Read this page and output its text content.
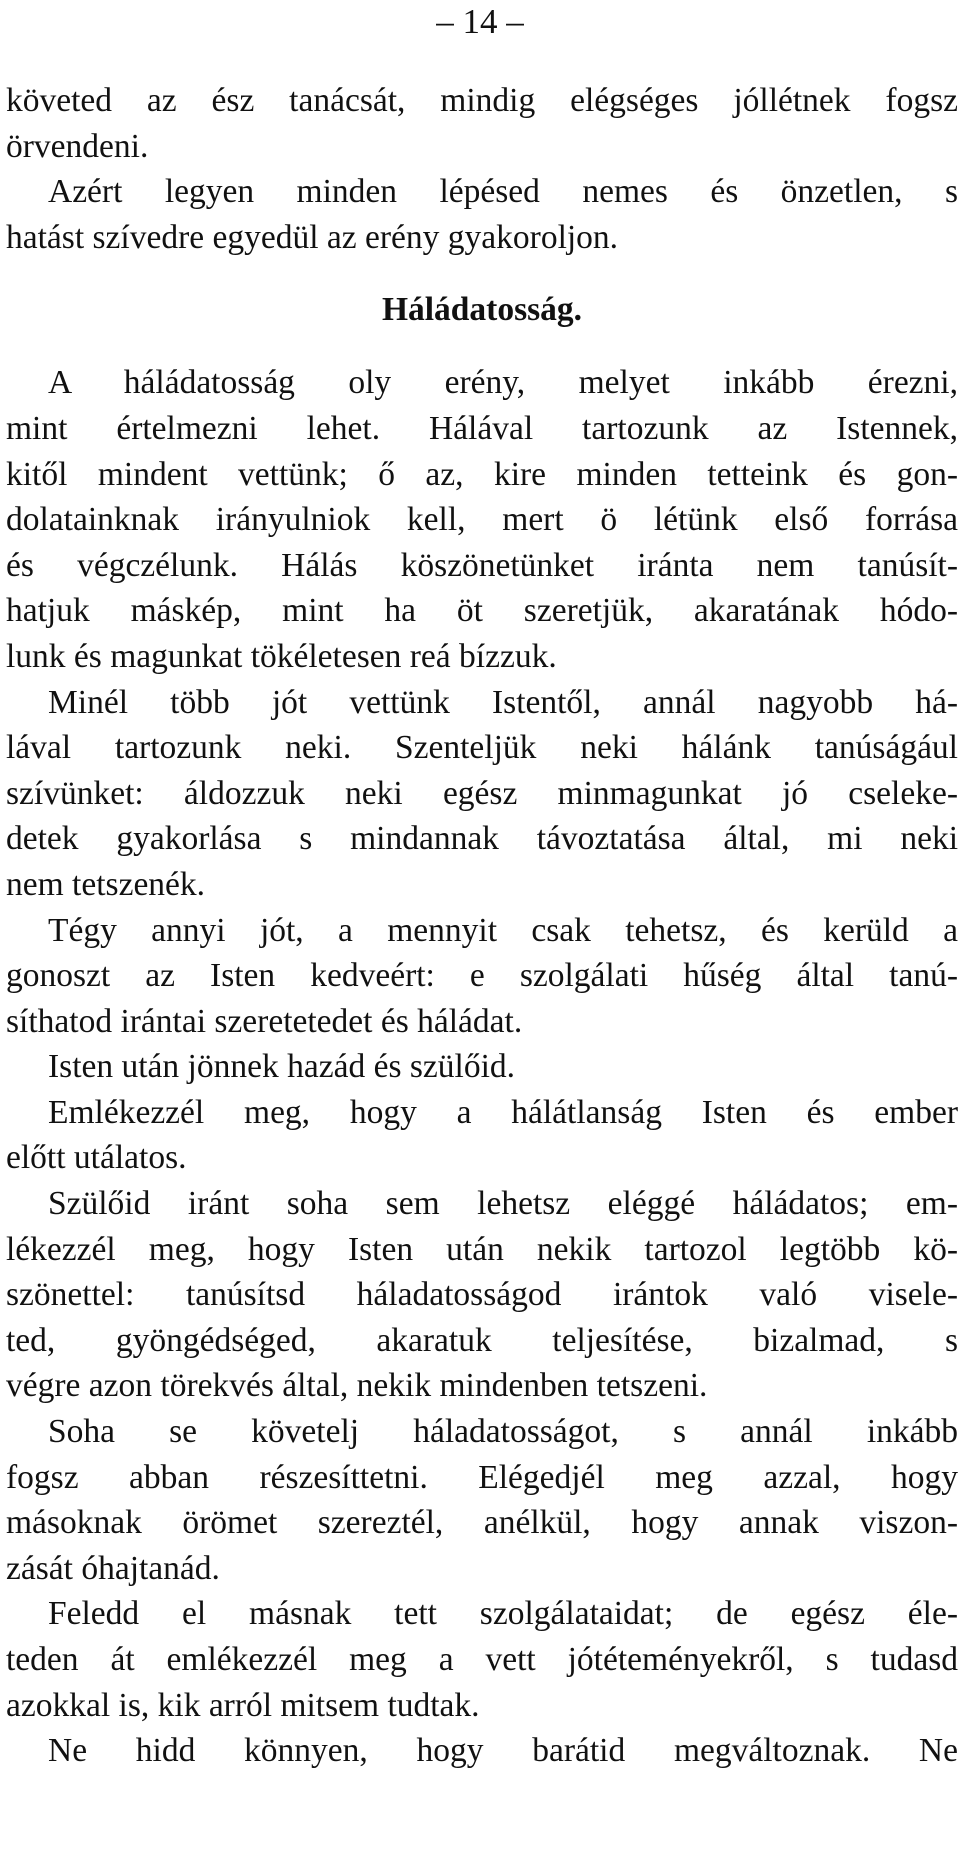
– 14 –
követed az ész tanácsát, mindig elégséges jóllétnek fogsz
örvendeni.
Azért legyen minden lépésed nemes és önzetlen, s
hatást szívedre egyedül az erény gyakoroljon.
Háládatosság.
A háládatosság oly erény, melyet inkább érezni,
mint értelmezni lehet. Hálával tartozunk az Istennek,
kitől mindent vettünk; ő az, kire minden tetteink és gon-
dolatainknak irányulniok kell, mert ö létünk első forrása
és végczélunk. Hálás köszönetünket iránta nem tanúsít-
hatjuk máskép, mint ha öt szeretjük, akaratának hódo-
lunk és magunkat tökéletesen reá bízzuk.
Minél több jót vettünk Istentől, annál nagyobb há-
lával tartozunk neki. Szenteljük neki hálánk tanúságául
szívünket: áldozzuk neki egész minmagunkat jó cseleke-
detek gyakorlása s mindannak távoztatása által, mi neki
nem tetszenék.
Tégy annyi jót, a mennyit csak tehetsz, és kerüld a
gonoszt az Isten kedveért: e szolgálati hűség által tanú-
síthatod irántai szeretetedet és háládat.
Isten után jönnek hazád és szülőid.
Emlékezzél meg, hogy a hálátlanság Isten és ember
előtt utálatos.
Szülőid iránt soha sem lehetsz eléggé háládatos; em-
lékezzél meg, hogy Isten után nekik tartozol legtöbb kö-
szönettel: tanúsítsd háladatosságod irántok való visele-
ted, gyöngédséged, akaratuk teljesítése, bizalmad, s
végre azon törekvés által, nekik mindenben tetszeni.
Soha se követelj háladatosságot, s annál inkább
fogsz abban részesíttetni. Elégedjél meg azzal, hogy
másoknak örömet szereztél, anélkül, hogy annak viszon-
zását óhajtanád.
Feledd el másnak tett szolgálataidat; de egész éle-
teden át emlékezzél meg a vett jótéteményekről, s tudasd
azokkal is, kik arról mitsem tudtak.
Ne hidd könnyen, hogy barátid megváltoznak. Ne
